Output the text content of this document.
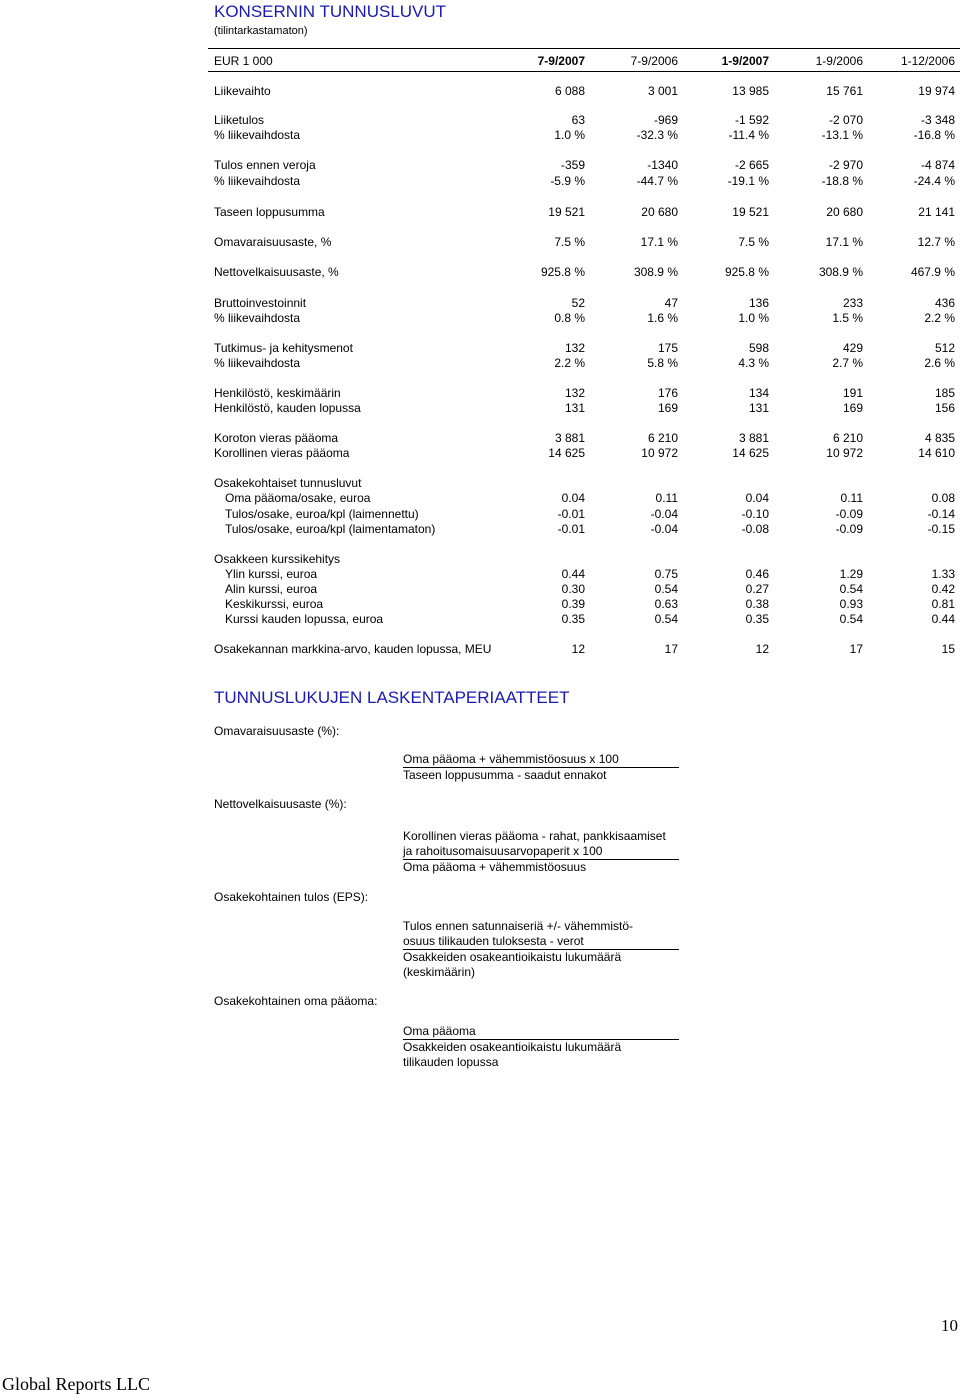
KONSERNIN TUNNUSLUVUT
(tilintarkastamaton)
EUR 1 000	7-9/2007	7-9/2006	1-9/2007	1-9/2006	1-12/2006
Liikevaihto	6 088	3 001	13 985	15 761	19 974
Liiketulos	63	-969	-1 592	-2 070	-3 348
% liikevaihdosta	1.0 %	-32.3 %	-11.4 %	-13.1 %	-16.8 %
Tulos ennen veroja	-359	-1340	-2 665	-2 970	-4 874
% liikevaihdosta	-5.9 %	-44.7 %	-19.1 %	-18.8 %	-24.4 %
Taseen loppusumma	19 521	20 680	19 521	20 680	21 141
Omavaraisuusaste, %	7.5 %	17.1 %	7.5 %	17.1 %	12.7 %
Nettovelkaisuusaste, %	925.8 %	308.9 %	925.8 %	308.9 %	467.9 %
Bruttoinvestoinnit	52	47	136	233	436
% liikevaihdosta	0.8 %	1.6 %	1.0 %	1.5 %	2.2 %
Tutkimus- ja kehitysmenot	132	175	598	429	512
% liikevaihdosta	2.2 %	5.8 %	4.3 %	2.7 %	2.6 %
Henkilöstö, keskimäärin	132	176	134	191	185
Henkilöstö, kauden lopussa	131	169	131	169	156
Koroton vieras pääoma	3 881	6 210	3 881	6 210	4 835
Korollinen vieras pääoma	14 625	10 972	14 625	10 972	14 610
Osakekohtaiset tunnusluvut
Oma pääoma/osake, euroa	0.04	0.11	0.04	0.11	0.08
Tulos/osake, euroa/kpl (laimennettu)	-0.01	-0.04	-0.10	-0.09	-0.14
Tulos/osake, euroa/kpl (laimentamaton)	-0.01	-0.04	-0.08	-0.09	-0.15
Osakkeen kurssikehitys
Ylin kurssi, euroa	0.44	0.75	0.46	1.29	1.33
Alin kurssi, euroa	0.30	0.54	0.27	0.54	0.42
Keskikurssi, euroa	0.39	0.63	0.38	0.93	0.81
Kurssi kauden lopussa, euroa	0.35	0.54	0.35	0.54	0.44
Osakekannan markkina-arvo, kauden lopussa, MEU	12	17	12	17	15
TUNNUSLUKUJEN LASKENTAPERIAATTEET
Omavaraisuusaste (%):
Oma pääoma + vähemmistöosuus x 100
Taseen loppusumma - saadut ennakot
Nettovelkaisuusaste (%):
Korollinen vieras pääoma - rahat, pankkisaamiset
ja rahoitusomaisuusarvopaperit x 100
Oma pääoma + vähemmistöosuus
Osakekohtainen tulos (EPS):
Tulos ennen satunnaiseriä +/- vähemmistö-
osuus tilikauden tuloksesta - verot
Osakkeiden osakeantioikaistu lukumäärä
(keskimäärin)
Osakekohtainen oma pääoma:
Oma pääoma
Osakkeiden osakeantioikaistu lukumäärä
tilikauden lopussa
10
Global Reports LLC
